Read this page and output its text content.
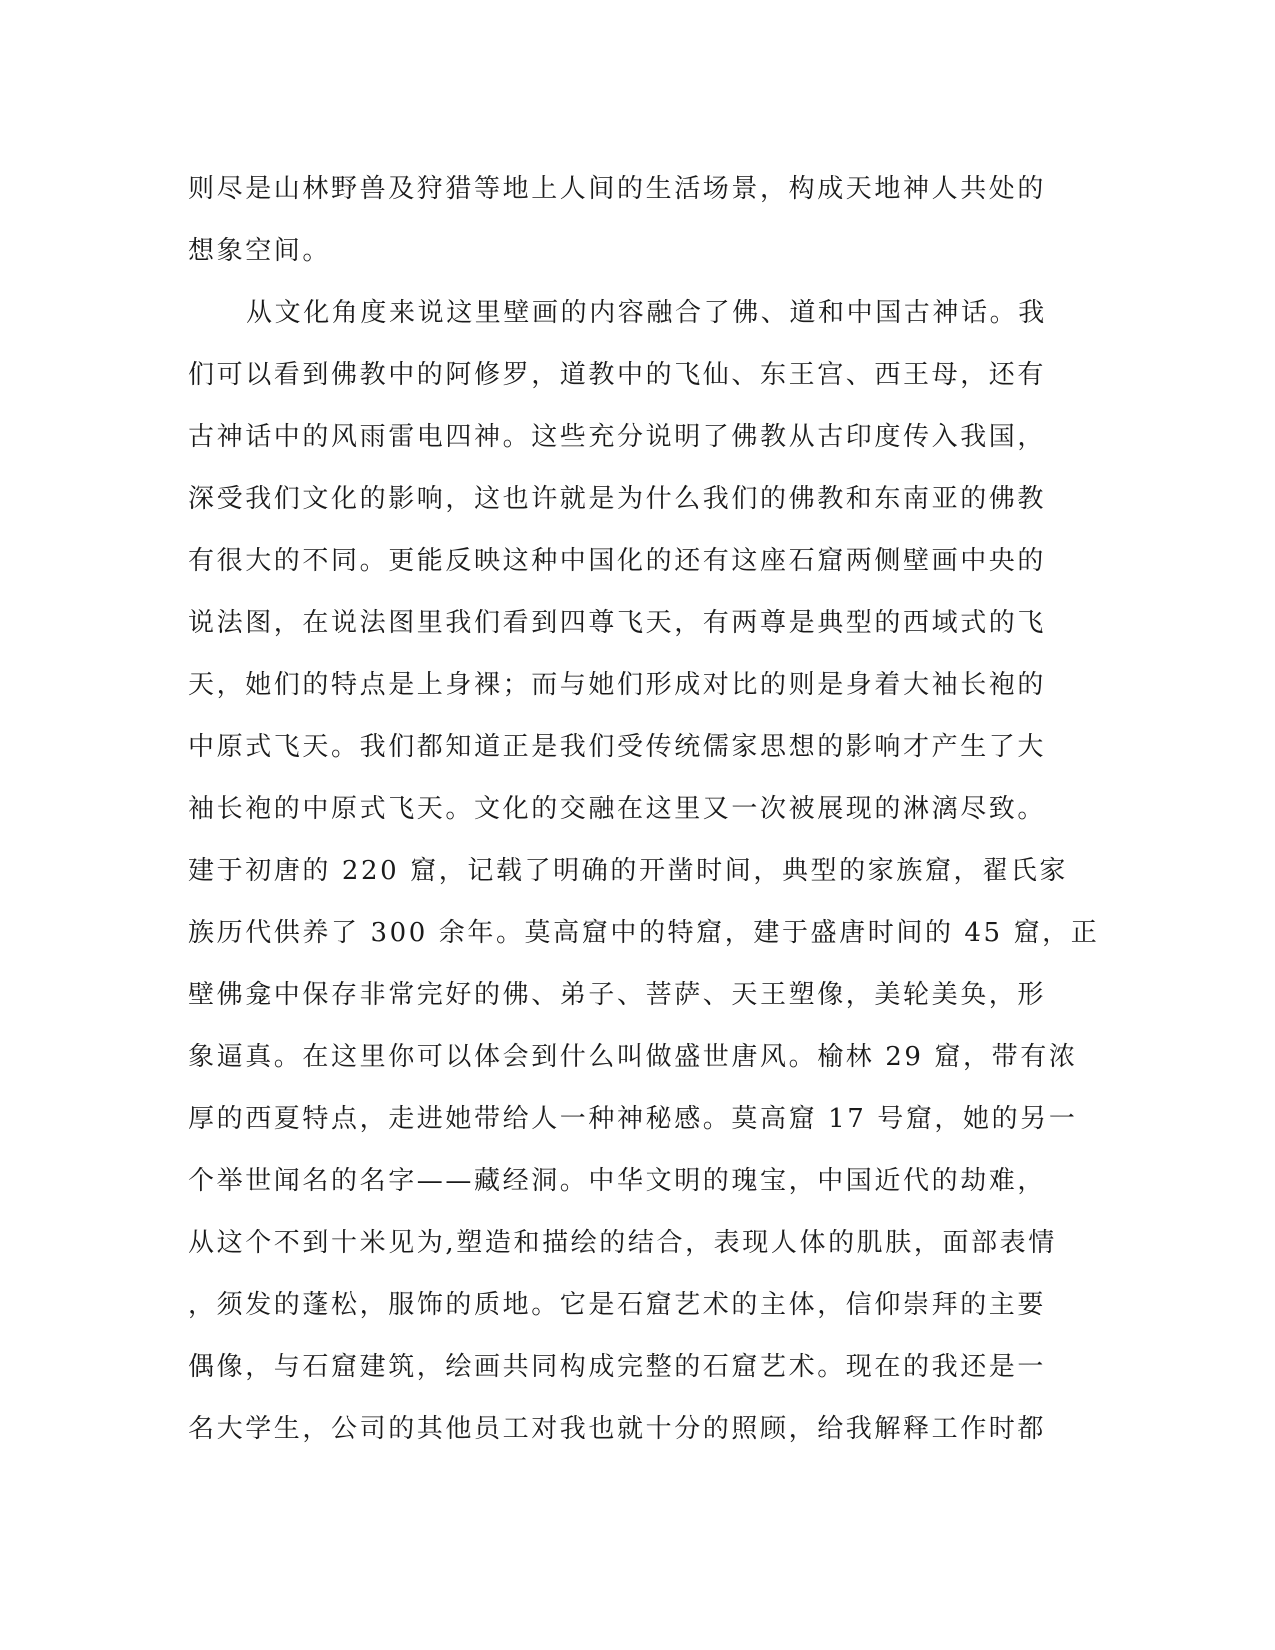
则尽是山林野兽及狩猎等地上人间的生活场景，构成天地神人共处的
想象空间。
从文化角度来说这里壁画的内容融合了佛、道和中国古神话。我
们可以看到佛教中的阿修罗，道教中的飞仙、东王宫、西王母，还有
古神话中的风雨雷电四神。这些充分说明了佛教从古印度传入我国，
深受我们文化的影响，这也许就是为什么我们的佛教和东南亚的佛教
有很大的不同。更能反映这种中国化的还有这座石窟两侧壁画中央的
说法图，在说法图里我们看到四尊飞天，有两尊是典型的西域式的飞
天，她们的特点是上身裸；而与她们形成对比的则是身着大袖长袍的
中原式飞天。我们都知道正是我们受传统儒家思想的影响才产生了大
袖长袍的中原式飞天。文化的交融在这里又一次被展现的淋漓尽致。
建于初唐的 220 窟，记载了明确的开凿时间，典型的家族窟，翟氏家
族历代供养了 300 余年。莫高窟中的特窟，建于盛唐时间的 45 窟，正
壁佛龛中保存非常完好的佛、弟子、菩萨、天王塑像，美轮美奂，形
象逼真。在这里你可以体会到什么叫做盛世唐风。榆林 29 窟，带有浓
厚的西夏特点，走进她带给人一种神秘感。莫高窟 17 号窟，她的另一
个举世闻名的名字——藏经洞。中华文明的瑰宝，中国近代的劫难，
从这个不到十米见为,塑造和描绘的结合，表现人体的肌肤，面部表情
，须发的蓬松，服饰的质地。它是石窟艺术的主体，信仰崇拜的主要
偶像，与石窟建筑，绘画共同构成完整的石窟艺术。现在的我还是一
名大学生，公司的其他员工对我也就十分的照顾，给我解释工作时都
